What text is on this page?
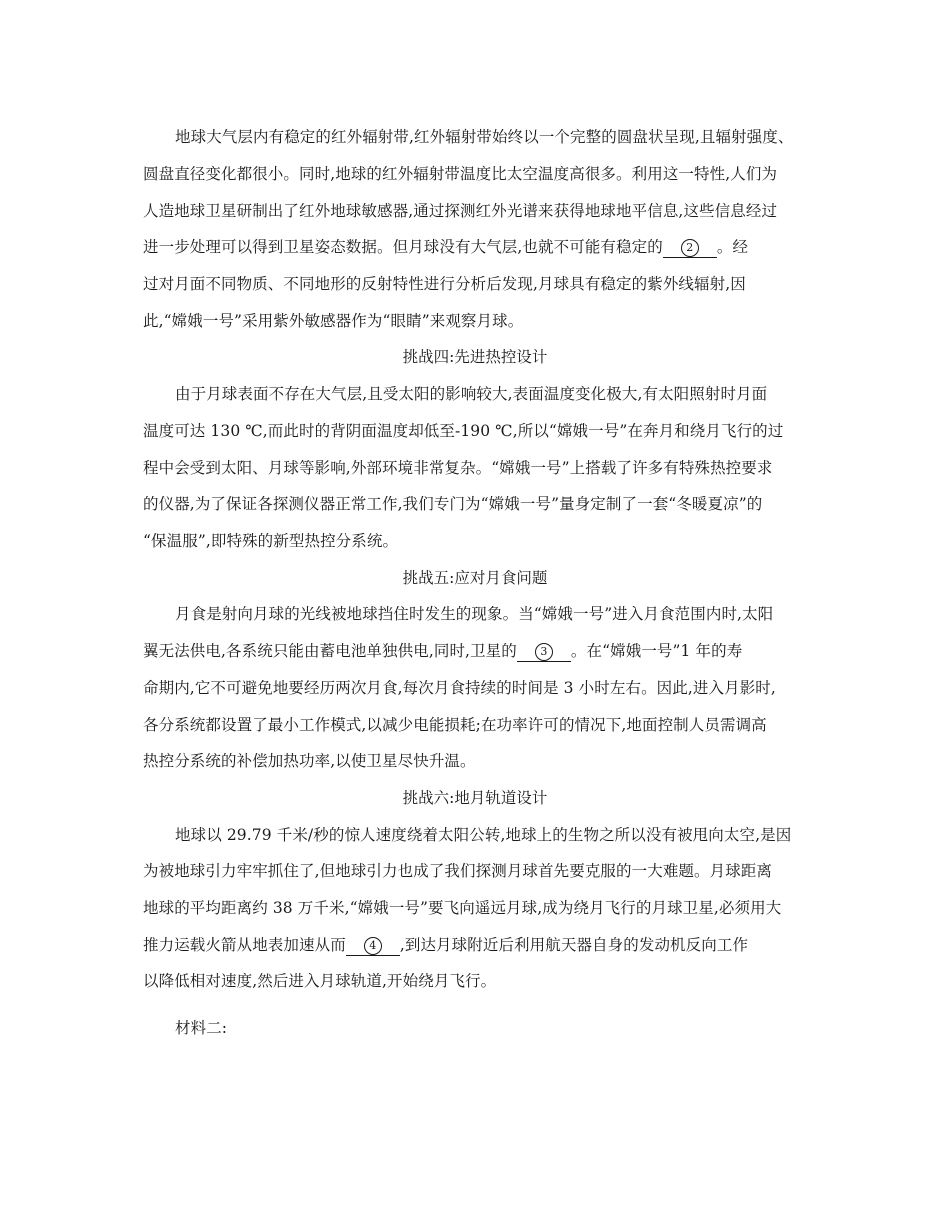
地球大气层内有稳定的红外辐射带,红外辐射带始终以一个完整的圆盘状呈现,且辐射强度、
圆盘直径变化都很小。同时,地球的红外辐射带温度比太空温度高很多。利用这一特性,人们为
人造地球卫星研制出了红外地球敏感器,通过探测红外光谱来获得地球地平信息,这些信息经过
进一步处理可以得到卫星姿态数据。但月球没有大气层,也就不可能有稳定的 2 。经
过对月面不同物质、不同地形的反射特性进行分析后发现,月球具有稳定的紫外线辐射,因
此,“嫦娥一号”采用紫外敏感器作为“眼睛”来观察月球。
挑战四:先进热控设计
由于月球表面不存在大气层,且受太阳的影响较大,表面温度变化极大,有太阳照射时月面
温度可达 130 ℃,而此时的背阴面温度却低至-190 ℃,所以“嫦娥一号”在奔月和绕月飞行的过
程中会受到太阳、月球等影响,外部环境非常复杂。“嫦娥一号”上搭载了许多有特殊热控要求
的仪器,为了保证各探测仪器正常工作,我们专门为“嫦娥一号”量身定制了一套“冬暖夏凉”的
“保温服”,即特殊的新型热控分系统。
挑战五:应对月食问题
月食是射向月球的光线被地球挡住时发生的现象。当“嫦娥一号”进入月食范围内时,太阳
翼无法供电,各系统只能由蓄电池单独供电,同时,卫星的 3 。在“嫦娥一号”1 年的寿
命期内,它不可避免地要经历两次月食,每次月食持续的时间是 3 小时左右。因此,进入月影时,
各分系统都设置了最小工作模式,以减少电能损耗;在功率许可的情况下,地面控制人员需调高
热控分系统的补偿加热功率,以使卫星尽快升温。
挑战六:地月轨道设计
地球以 29.79 千米/秒的惊人速度绕着太阳公转,地球上的生物之所以没有被甩向太空,是因
为被地球引力牢牢抓住了,但地球引力也成了我们探测月球首先要克服的一大难题。月球距离
地球的平均距离约 38 万千米,“嫦娥一号”要飞向遥远月球,成为绕月飞行的月球卫星,必须用大
推力运载火箭从地表加速从而 4 ,到达月球附近后利用航天器自身的发动机反向工作
以降低相对速度,然后进入月球轨道,开始绕月飞行。
材料二:
